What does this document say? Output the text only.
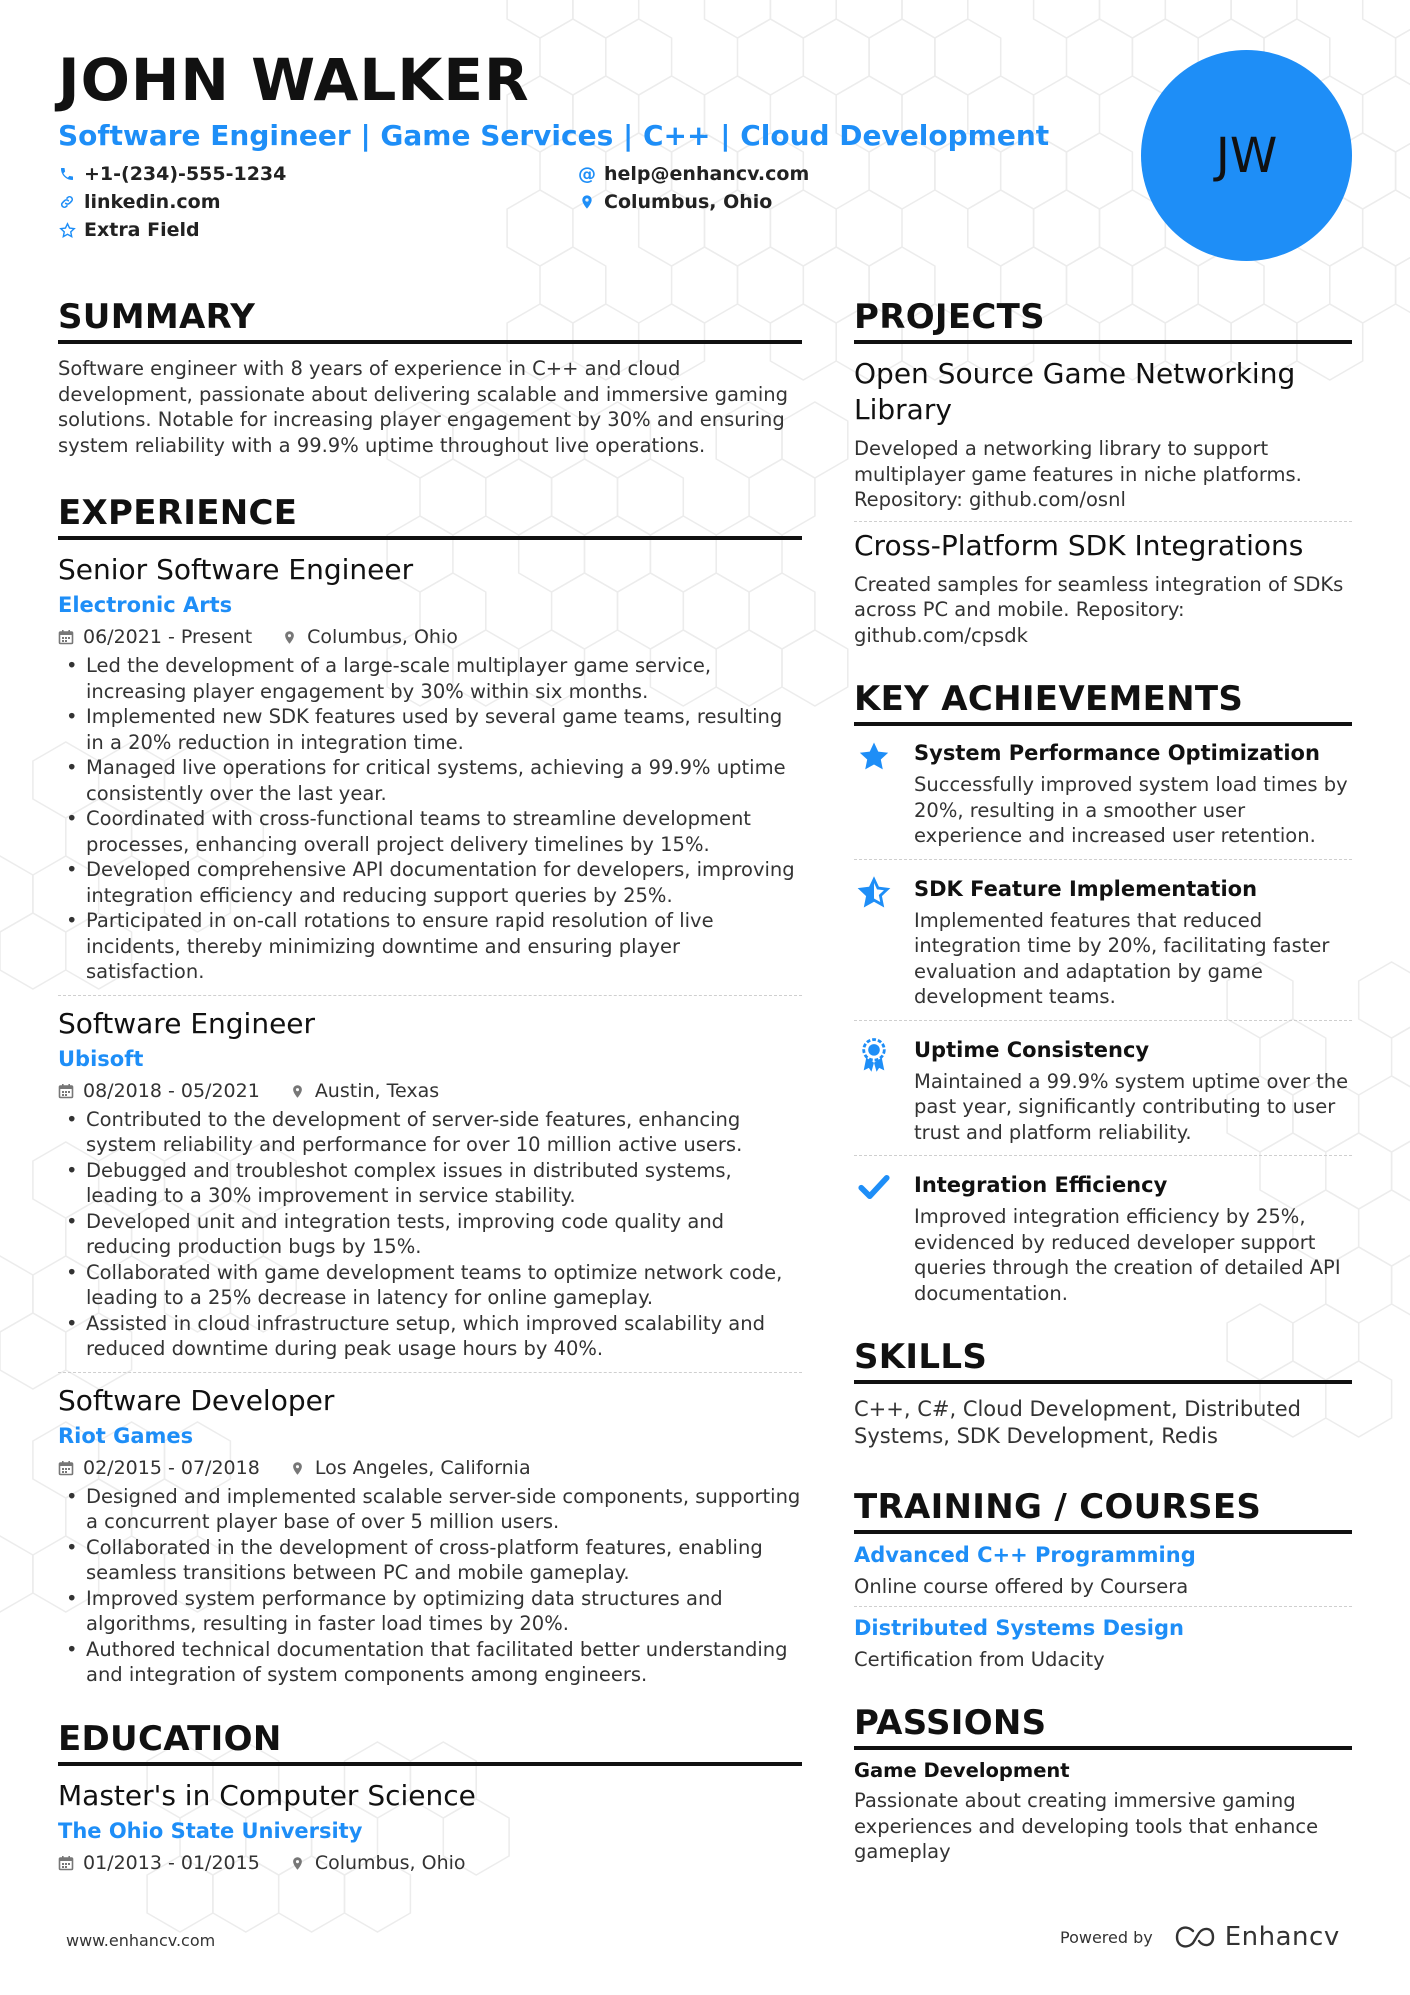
JOHN WALKER
Software Engineer | Game Services | C++ | Cloud Development
+1-(234)-555-1234	@ help@enhancv.com
linkedin.com	Columbus, Ohio
Extra Field
JW
SUMMARY
Software engineer with 8 years of experience in C++ and cloud development, passionate about delivering scalable and immersive gaming solutions. Notable for increasing player engagement by 30% and ensuring system reliability with a 99.9% uptime throughout live operations.
EXPERIENCE
Senior Software Engineer
Electronic Arts
06/2021 - Present	Columbus, Ohio
• Led the development of a large-scale multiplayer game service, increasing player engagement by 30% within six months.
• Implemented new SDK features used by several game teams, resulting in a 20% reduction in integration time.
• Managed live operations for critical systems, achieving a 99.9% uptime consistently over the last year.
• Coordinated with cross-functional teams to streamline development processes, enhancing overall project delivery timelines by 15%.
• Developed comprehensive API documentation for developers, improving integration efficiency and reducing support queries by 25%.
• Participated in on-call rotations to ensure rapid resolution of live incidents, thereby minimizing downtime and ensuring player satisfaction.
Software Engineer
Ubisoft
08/2018 - 05/2021	Austin, Texas
• Contributed to the development of server-side features, enhancing system reliability and performance for over 10 million active users.
• Debugged and troubleshot complex issues in distributed systems, leading to a 30% improvement in service stability.
• Developed unit and integration tests, improving code quality and reducing production bugs by 15%.
• Collaborated with game development teams to optimize network code, leading to a 25% decrease in latency for online gameplay.
• Assisted in cloud infrastructure setup, which improved scalability and reduced downtime during peak usage hours by 40%.
Software Developer
Riot Games
02/2015 - 07/2018	Los Angeles, California
• Designed and implemented scalable server-side components, supporting a concurrent player base of over 5 million users.
• Collaborated in the development of cross-platform features, enabling seamless transitions between PC and mobile gameplay.
• Improved system performance by optimizing data structures and algorithms, resulting in faster load times by 20%.
• Authored technical documentation that facilitated better understanding and integration of system components among engineers.
EDUCATION
Master's in Computer Science
The Ohio State University
01/2013 - 01/2015	Columbus, Ohio
PROJECTS
Open Source Game Networking Library
Developed a networking library to support multiplayer game features in niche platforms. Repository: github.com/osnl
Cross-Platform SDK Integrations
Created samples for seamless integration of SDKs across PC and mobile. Repository: github.com/cpsdk
KEY ACHIEVEMENTS
System Performance Optimization
Successfully improved system load times by 20%, resulting in a smoother user experience and increased user retention.
SDK Feature Implementation
Implemented features that reduced integration time by 20%, facilitating faster evaluation and adaptation by game development teams.
Uptime Consistency
Maintained a 99.9% system uptime over the past year, significantly contributing to user trust and platform reliability.
Integration Efficiency
Improved integration efficiency by 25%, evidenced by reduced developer support queries through the creation of detailed API documentation.
SKILLS
C++, C#, Cloud Development, Distributed Systems, SDK Development, Redis
TRAINING / COURSES
Advanced C++ Programming
Online course offered by Coursera
Distributed Systems Design
Certification from Udacity
PASSIONS
Game Development
Passionate about creating immersive gaming experiences and developing tools that enhance gameplay
www.enhancv.com	Powered by	Enhancv
